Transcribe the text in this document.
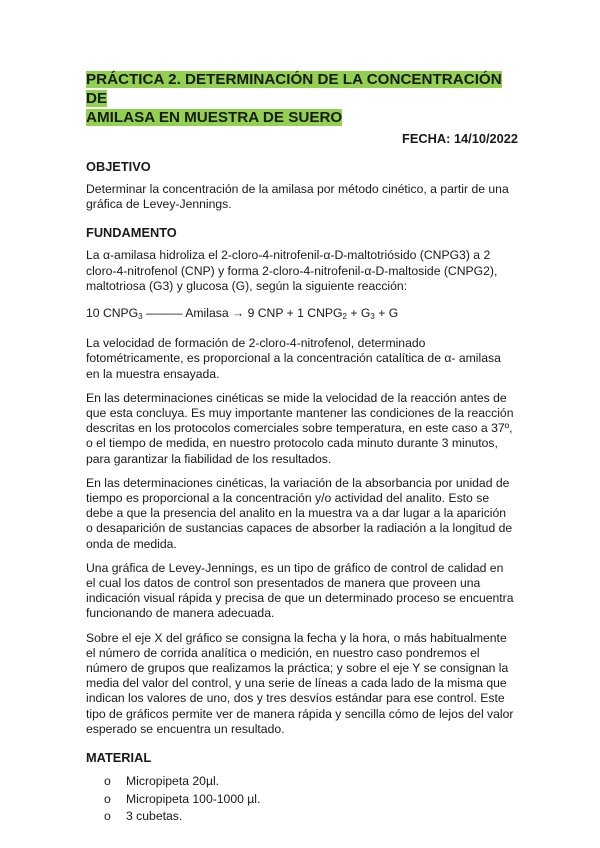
PRÁCTICA 2. DETERMINACIÓN DE LA CONCENTRACIÓN DE
AMILASA EN MUESTRA DE SUERO
FECHA: 14/10/2022
OBJETIVO

Determinar la concentración de la amilasa por método cinético, a partir de una gráfica de Levey-Jennings.

FUNDAMENTO

La α-amilasa hidroliza el 2-cloro-4-nitrofenil-α-D-maltotriósido (CNPG3) a 2 cloro-4-nitrofenol (CNP) y forma 2-cloro-4-nitrofenil-α-D-maltoside (CNPG2), maltotriosa (G3) y glucosa (G), según la siguiente reacción:

10 $CNPG_3$ ——— Amilasa → 9 CNP + 1 $CNPG_2 + G_3 + G$

La velocidad de formación de 2-cloro-4-nitrofenol, determinado fotométricamente, es proporcional a la concentración catalítica de α- amilasa en la muestra ensayada.

En las determinaciones cinéticas se mide la velocidad de la reacción antes de que esta concluya. Es muy importante mantener las condiciones de la reacción descritas en los protocolos comerciales sobre temperatura, en este caso a 37º, o el tiempo de medida, en nuestro protocolo cada minuto durante 3 minutos, para garantizar la fiabilidad de los resultados.

En las determinaciones cinéticas, la variación de la absorbancia por unidad de tiempo es proporcional a la concentración y/o actividad del analito. Esto se debe a que la presencia del analito en la muestra va a dar lugar a la aparición o desaparición de sustancias capaces de absorber la radiación a la longitud de onda de medida.

Una gráfica de Levey-Jennings, es un tipo de gráfico de control de calidad en el cual los datos de control son presentados de manera que proveen una indicación visual rápida y precisa de que un determinado proceso se encuentra funcionando de manera adecuada.

Sobre el eje X del gráfico se consigna la fecha y la hora, o más habitualmente el número de corrida analítica o medición, en nuestro caso pondremos el número de grupos que realizamos la práctica; y sobre el eje Y se consignan la media del valor del control, y una serie de líneas a cada lado de la misma que indican los valores de uno, dos y tres desvíos estándar para ese control. Este tipo de gráficos permite ver de manera rápida y sencilla cómo de lejos del valor esperado se encuentra un resultado.

MATERIAL
o Micropipeta 20µl.
o Micropipeta 100-1000 µl.
o 3 cubetas.
